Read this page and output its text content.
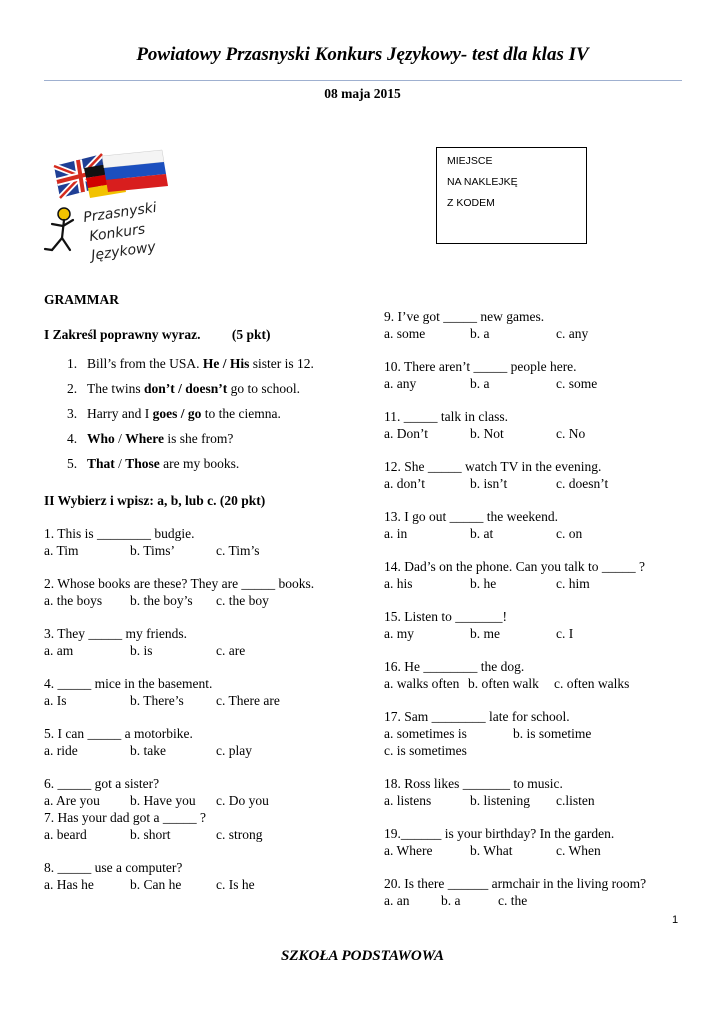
Powiatowy Przasnyski Konkurs Językowy- test dla klas IV
08 maja 2015
Przasnyski
Konkurs
Językowy
MIEJSCE
NA NAKLEJKĘ
Z KODEM
GRAMMAR
I Zakreśl poprawny wyraz. (5 pkt)
1. Bill’s from the USA. He / His sister is 12.
2. The twins don’t / doesn’t go to school.
3. Harry and I goes / go to the ciemna.
4. Who / Where is she from?
5. That / Those are my books.
II Wybierz i wpisz: a, b, lub c. (20 pkt)
1. This is ________ budgie.
a. Tim	b. Tims’	c. Tim’s
2. Whose books are these? They are _____ books.
a. the boys b. the boy’s c. the boy
3. They _____ my friends.
a. am	b. is	c. are
4. _____ mice in the basement.
a. Is	b. There’s c. There are
5. I can _____ a motorbike.
a. ride	b. take	c. play
6. _____ got a sister?
a. Are you b. Have you c. Do you
7. Has your dad got a _____ ?
a. beard	b. short	c. strong
8. _____ use a computer?
a. Has he	b. Can he	c. Is he
9. I’ve got _____ new games.
a. some	b. a	c. any
10. There aren’t _____ people here.
a. any	b. a	c. some
11. _____ talk in class.
a. Don’t	b. Not	c. No
12. She _____ watch TV in the evening.
a. don’t	b. isn’t	c. doesn’t
13. I go out _____ the weekend.
a. in	b. at	c. on
14. Dad’s on the phone. Can you talk to _____ ?
a. his	b. he	c. him
15. Listen to _______!
a. my	b. me	c. I
16. He ________ the dog.
a. walks often b. often walk c. often walks
17. Sam ________ late for school.
a. sometimes is	b. is sometime
c. is sometimes
18. Ross likes _______ to music.
a. listens	b. listening c.listen
19.______ is your birthday? In the garden.
a. Where	b. What	c. When
20. Is there ______ armchair in the living room?
a. an b. a	c. the
1
SZKOŁA PODSTAWOWA
